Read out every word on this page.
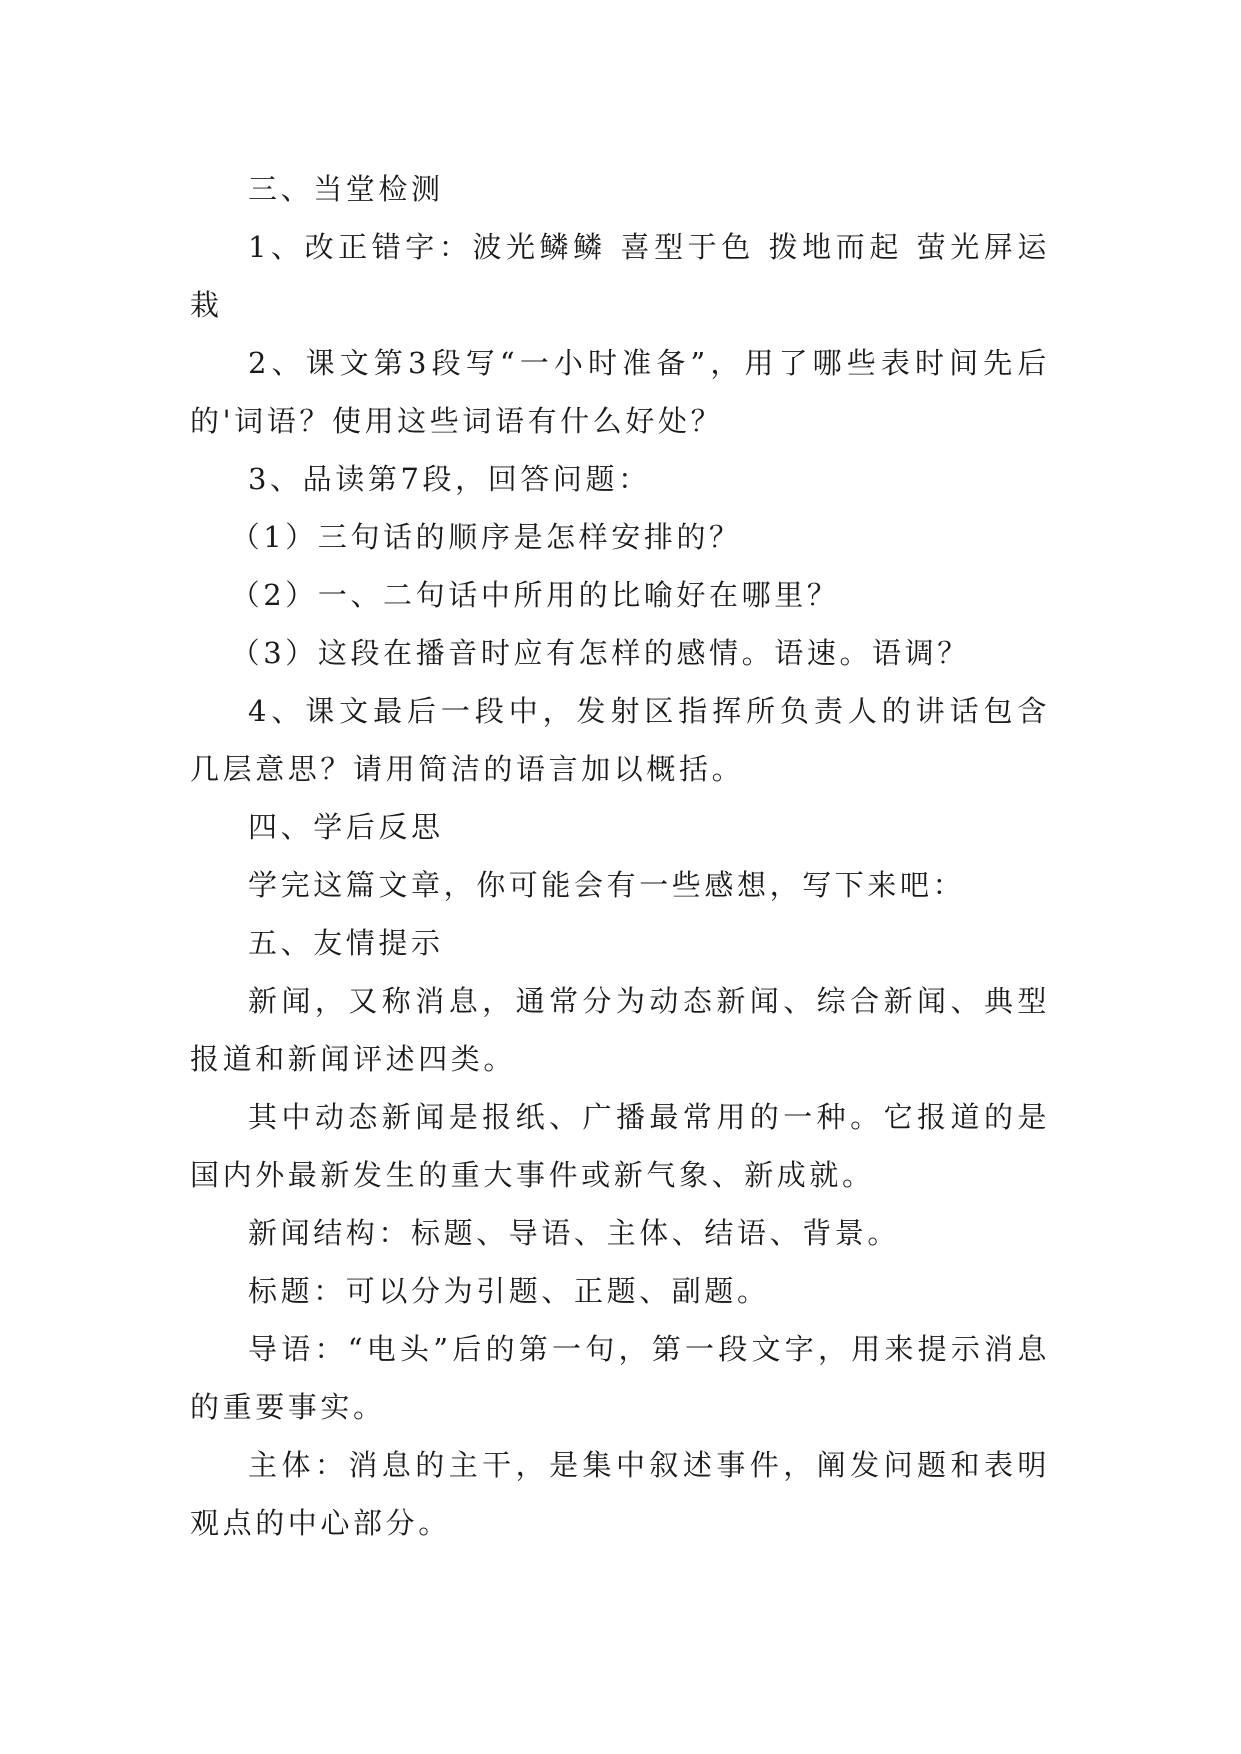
三、当堂检测

1、改正错字：波光鳞鳞 喜型于色 拨地而起 萤光屏运栽

2、课文第3段写“一小时准备”，用了哪些表时间先后的'词语？使用这些词语有什么好处？

3、品读第7段，回答问题：

（1）三句话的顺序是怎样安排的？

（2）一、二句话中所用的比喻好在哪里？

（3）这段在播音时应有怎样的感情。语速。语调？

4、课文最后一段中，发射区指挥所负责人的讲话包含几层意思？请用简洁的语言加以概括。

四、学后反思

学完这篇文章，你可能会有一些感想，写下来吧：

五、友情提示

新闻，又称消息，通常分为动态新闻、综合新闻、典型报道和新闻评述四类。

其中动态新闻是报纸、广播最常用的一种。它报道的是国内外最新发生的重大事件或新气象、新成就。

新闻结构：标题、导语、主体、结语、背景。

标题：可以分为引题、正题、副题。

导语：“电头”后的第一句，第一段文字，用来提示消息的重要事实。

主体：消息的主干，是集中叙述事件，阐发问题和表明观点的中心部分。
